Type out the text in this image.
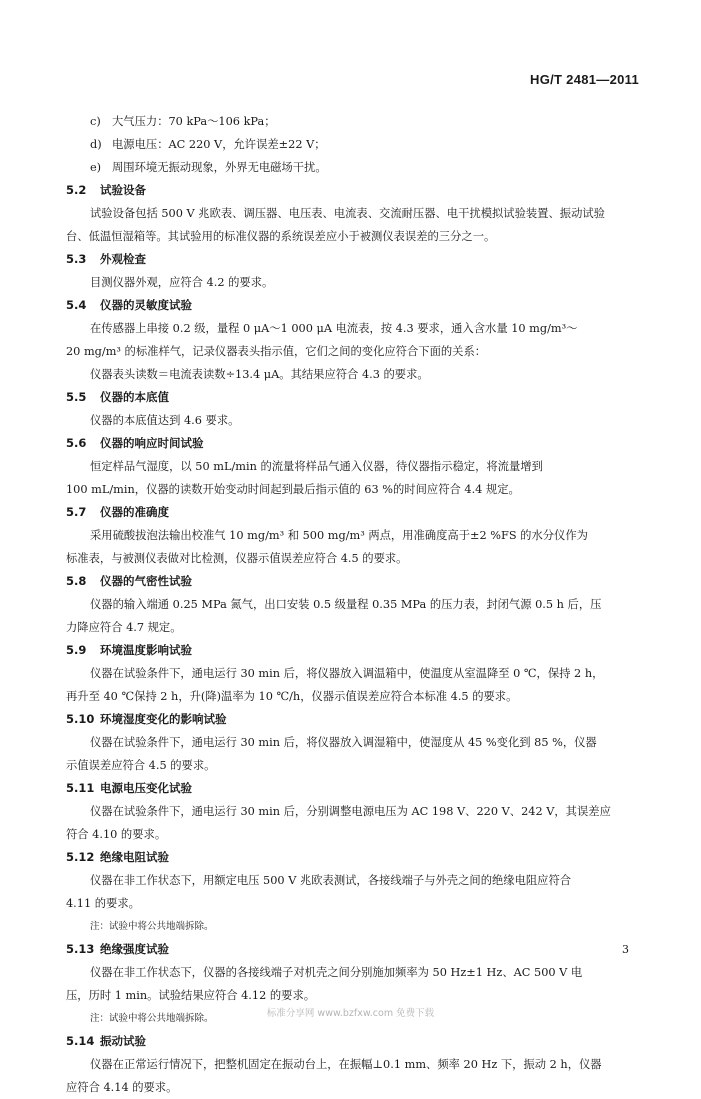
HG/T 2481—2011
c) 大气压力：70 kPa～106 kPa；
d) 电源电压：AC 220 V，允许误差±22 V；
e) 周围环境无振动现象，外界无电磁场干扰。
5.2 试验设备
试验设备包括 500 V 兆欧表、调压器、电压表、电流表、交流耐压器、电干扰模拟试验装置、振动试验
台、低温恒湿箱等。其试验用的标准仪器的系统误差应小于被测仪表误差的三分之一。
5.3 外观检查
目测仪器外观，应符合 4.2 的要求。
5.4 仪器的灵敏度试验
在传感器上串接 0.2 级，量程 0 μA～1 000 μA 电流表，按 4.3 要求，通入含水量 10 mg/m³～
20 mg/m³ 的标准样气，记录仪器表头指示值，它们之间的变化应符合下面的关系：
仪器表头读数＝电流表读数÷13.4 μA。其结果应符合 4.3 的要求。
5.5 仪器的本底值
仪器的本底值达到 4.6 要求。
5.6 仪器的响应时间试验
恒定样品气湿度，以 50 mL/min 的流量将样品气通入仪器，待仪器指示稳定，将流量增到
100 mL/min，仪器的读数开始变动时间起到最后指示值的 63 %的时间应符合 4.4 规定。
5.7 仪器的准确度
采用硫酸拔泡法输出校准气 10 mg/m³ 和 500 mg/m³ 两点，用准确度高于±2 %FS 的水分仪作为
标准表，与被测仪表做对比检测，仪器示值误差应符合 4.5 的要求。
5.8 仪器的气密性试验
仪器的输入端通 0.25 MPa 氮气，出口安装 0.5 级量程 0.35 MPa 的压力表，封闭气源 0.5 h 后，压
力降应符合 4.7 规定。
5.9 环境温度影响试验
仪器在试验条件下，通电运行 30 min 后，将仪器放入调温箱中，使温度从室温降至 0 ℃，保持 2 h，
再升至 40 ℃保持 2 h，升(降)温率为 10 ℃/h，仪器示值误差应符合本标准 4.5 的要求。
5.10 环境湿度变化的影响试验
仪器在试验条件下，通电运行 30 min 后，将仪器放入调湿箱中，使湿度从 45 %变化到 85 %，仪器
示值误差应符合 4.5 的要求。
5.11 电源电压变化试验
仪器在试验条件下，通电运行 30 min 后，分别调整电源电压为 AC 198 V、220 V、242 V，其误差应
符合 4.10 的要求。
5.12 绝缘电阻试验
仪器在非工作状态下，用额定电压 500 V 兆欧表测试，各接线端子与外壳之间的绝缘电阻应符合
4.11 的要求。
注：试验中将公共地端拆除。
5.13 绝缘强度试验
仪器在非工作状态下，仪器的各接线端子对机壳之间分别施加频率为 50 Hz±1 Hz、AC 500 V 电
压，历时 1 min。试验结果应符合 4.12 的要求。
注：试验中将公共地端拆除。
5.14 振动试验
仪器在正常运行情况下，把整机固定在振动台上，在振幅⊥0.1 mm、频率 20 Hz 下，振动 2 h，仪器
应符合 4.14 的要求。
3
标准分享网 www.bzfxw.com 免费下载
